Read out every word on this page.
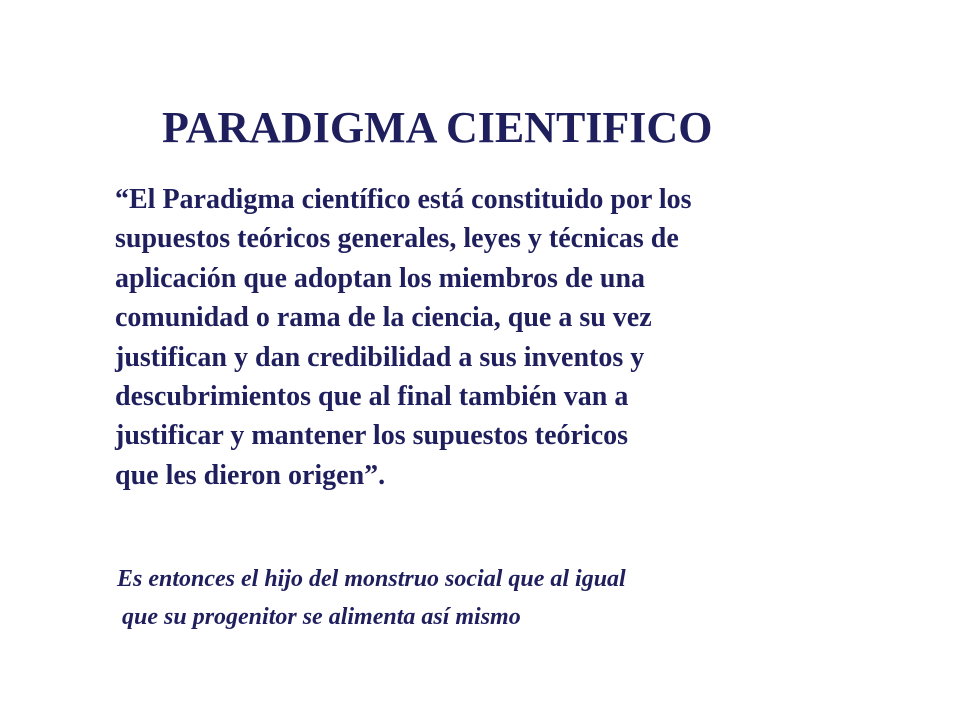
PARADIGMA CIENTIFICO

“El Paradigma científico está constituido por los
supuestos teóricos generales, leyes y técnicas de
aplicación que adoptan los miembros de una
comunidad o rama de la ciencia, que a su vez
justifican y dan credibilidad a sus inventos y
descubrimientos que al final también van a
justificar y mantener los supuestos teóricos
que les dieron origen”.

Es entonces el hijo del monstruo social que al igual
que su progenitor se alimenta así mismo
